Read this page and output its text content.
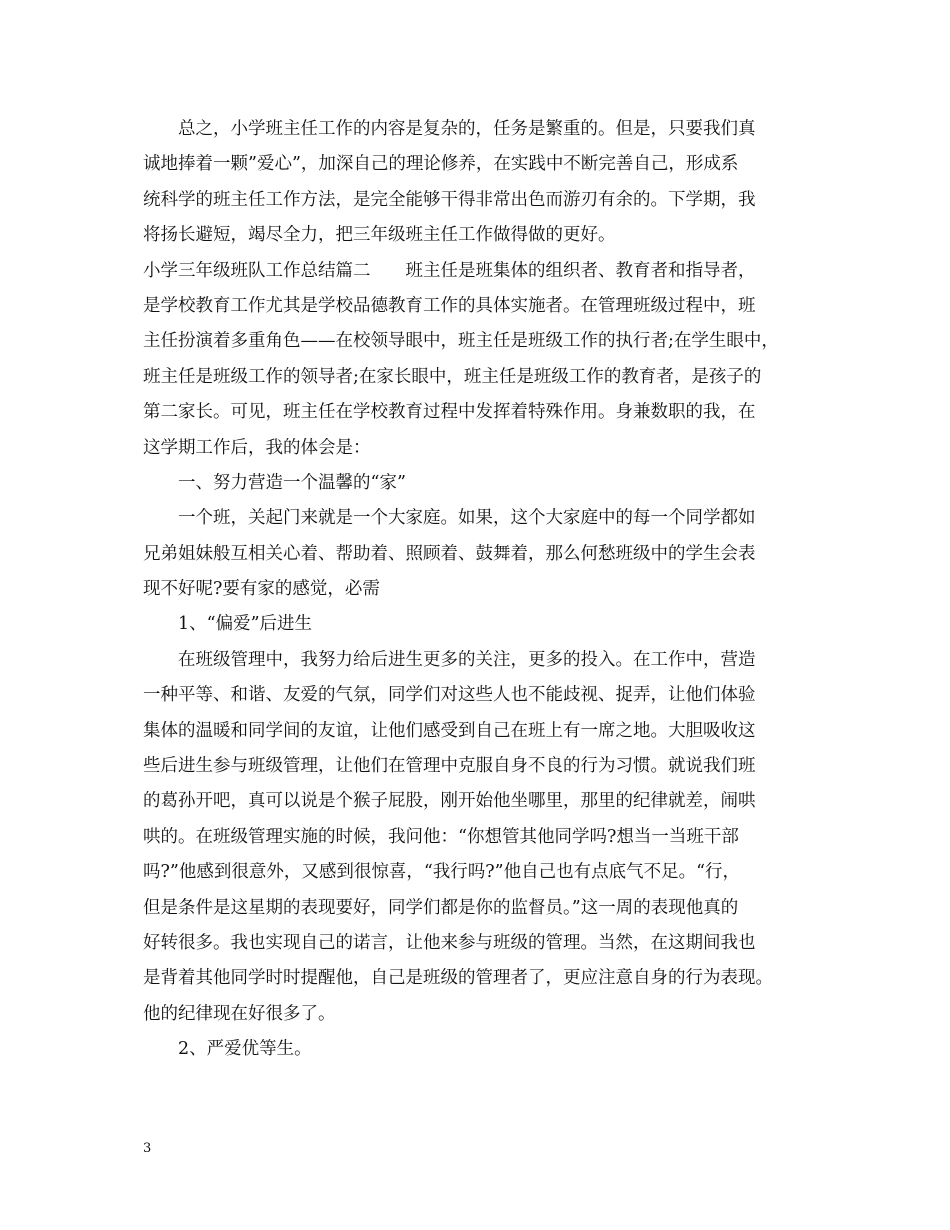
总之，小学班主任工作的内容是复杂的，任务是繁重的。但是，只要我们真
诚地捧着一颗”爱心”，加深自己的理论修养，在实践中不断完善自己，形成系
统科学的班主任工作方法，是完全能够干得非常出色而游刃有余的。下学期，我
将扬长避短，竭尽全力，把三年级班主任工作做得做的更好。
小学三年级班队工作总结篇二　　班主任是班集体的组织者、教育者和指导者，
是学校教育工作尤其是学校品德教育工作的具体实施者。在管理班级过程中，班
主任扮演着多重角色——在校领导眼中，班主任是班级工作的执行者;在学生眼中，
班主任是班级工作的领导者;在家长眼中，班主任是班级工作的教育者，是孩子的
第二家长。可见，班主任在学校教育过程中发挥着特殊作用。身兼数职的我，在
这学期工作后，我的体会是：
一、努力营造一个温馨的“家”
一个班，关起门来就是一个大家庭。如果，这个大家庭中的每一个同学都如
兄弟姐妹般互相关心着、帮助着、照顾着、鼓舞着，那么何愁班级中的学生会表
现不好呢?要有家的感觉，必需
1、“偏爱”后进生
在班级管理中，我努力给后进生更多的关注，更多的投入。在工作中，营造
一种平等、和谐、友爱的气氛，同学们对这些人也不能歧视、捉弄，让他们体验
集体的温暖和同学间的友谊，让他们感受到自己在班上有一席之地。大胆吸收这
些后进生参与班级管理，让他们在管理中克服自身不良的行为习惯。就说我们班
的葛孙开吧，真可以说是个猴子屁股，刚开始他坐哪里，那里的纪律就差，闹哄
哄的。在班级管理实施的时候，我问他：“你想管其他同学吗?想当一当班干部
吗?”他感到很意外，又感到很惊喜，“我行吗?”他自己也有点底气不足。“行，
但是条件是这星期的表现要好，同学们都是你的监督员。”这一周的表现他真的
好转很多。我也实现自己的诺言，让他来参与班级的管理。当然，在这期间我也
是背着其他同学时时提醒他，自己是班级的管理者了，更应注意自身的行为表现。
他的纪律现在好很多了。
2、严爱优等生。
3
